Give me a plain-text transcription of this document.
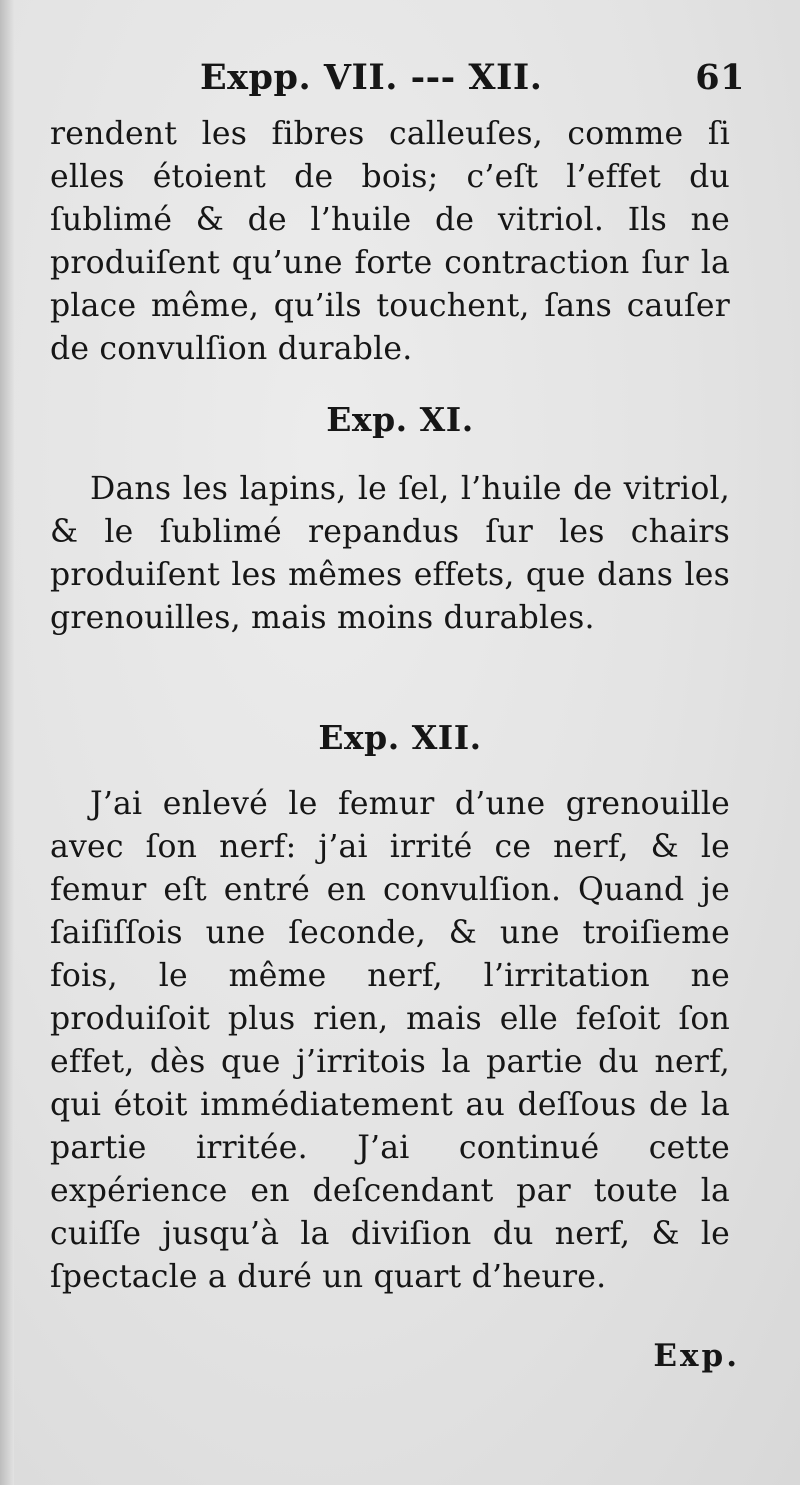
Expp. VII. --- XII.	61

rendent les fibres calleuſes, comme ſi elles étoient de bois; c’eſt l’effet du ſublimé & de l’huile de vitriol. Ils ne produiſent qu’une forte contraction ſur la place même, qu’ils touchent, ſans cauſer de convulſion durable.

Exp. XI.

Dans les lapins, le ſel, l’huile de vitriol, & le ſublimé repandus ſur les chairs produiſent les mêmes effets, que dans les grenouilles, mais moins durables.

Exp. XII.

J’ai enlevé le femur d’une grenouille avec ſon nerf: j’ai irrité ce nerf, & le femur eſt entré en convulſion. Quand je ſaiſiſſois une ſeconde, & une troiſieme fois, le même nerf, l’irritation ne produiſoit plus rien, mais elle feſoit ſon effet, dès que j’irritois la partie du nerf, qui étoit immédiatement au deſſous de la partie irritée. J’ai continué cette expérience en deſcendant par toute la cuiſſe jusqu’à la diviſion du nerf, & le ſpectacle a duré un quart d’heure.

Exp.
